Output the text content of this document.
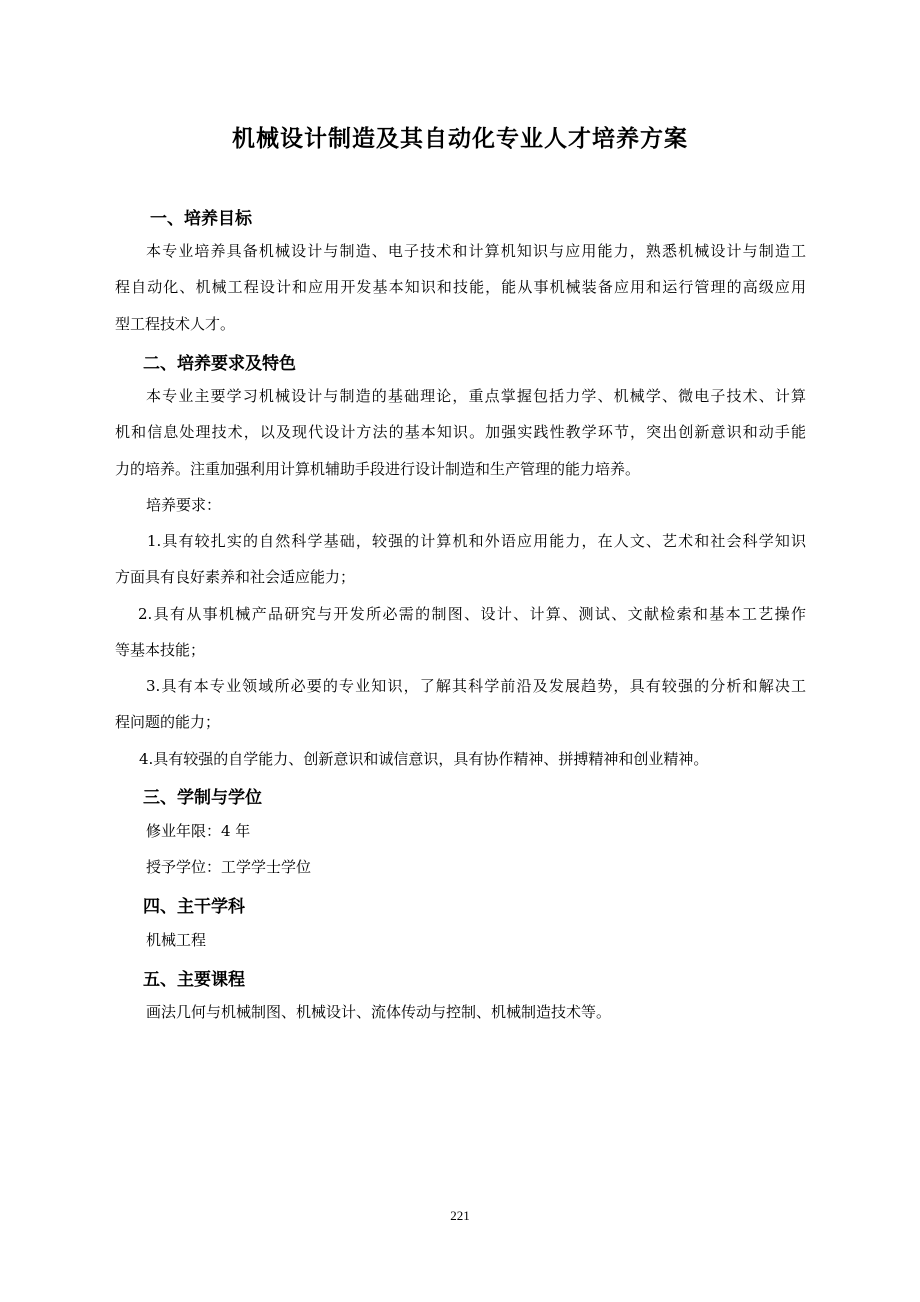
机械设计制造及其自动化专业人才培养方案
一、培养目标
本专业培养具备机械设计与制造、电子技术和计算机知识与应用能力，熟悉机械设计与制造工
程自动化、机械工程设计和应用开发基本知识和技能，能从事机械装备应用和运行管理的高级应用
型工程技术人才。
二、培养要求及特色
本专业主要学习机械设计与制造的基础理论，重点掌握包括力学、机械学、微电子技术、计算
机和信息处理技术，以及现代设计方法的基本知识。加强实践性教学环节，突出创新意识和动手能
力的培养。注重加强利用计算机辅助手段进行设计制造和生产管理的能力培养。
培养要求：
1.具有较扎实的自然科学基础，较强的计算机和外语应用能力，在人文、艺术和社会科学知识
方面具有良好素养和社会适应能力；
2.具有从事机械产品研究与开发所必需的制图、设计、计算、测试、文献检索和基本工艺操作
等基本技能；
3.具有本专业领域所必要的专业知识，了解其科学前沿及发展趋势，具有较强的分析和解决工
程问题的能力；
4.具有较强的自学能力、创新意识和诚信意识，具有协作精神、拼搏精神和创业精神。
三、学制与学位
修业年限：4 年
授予学位：工学学士学位
四、主干学科
机械工程
五、主要课程
画法几何与机械制图、机械设计、流体传动与控制、机械制造技术等。
221
